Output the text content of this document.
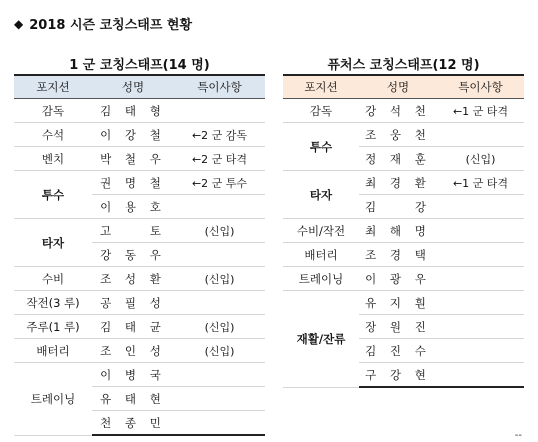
◆ 2018 시즌 코칭스태프 현황
1 군 코칭스태프(14 명)	퓨처스 코칭스태프(12 명)
포지션	성명	특이사항
감독	김 태 형	
수석	이 강 철	←2 군 감독
벤치	박 철 우	←2 군 타격
투수	권 명 철	←2 군 투수
	이 용 호	
타자	고 　 토	(신입)
	강 동 우	
수비	조 성 환	(신입)
작전(3 루)	공 필 성	
주루(1 루)	김 태 균	(신입)
배터리	조 인 성	(신입)
트레이닝	이 병 국	
	유 태 현	
	천 종 민	
포지션	성명	특이사항
감독	강 석 천	←1 군 타격
투수	조 웅 천	
	정 재 훈	(신입)
타자	최 경 환	←1 군 타격
	김 　 강	
수비/작전	최 해 명	
배터리	조 경 택	
트레이닝	이 광 우	
재활/잔류	유 지 훤	
	장 원 진	
	김 진 수	
	구 강 현	
--
